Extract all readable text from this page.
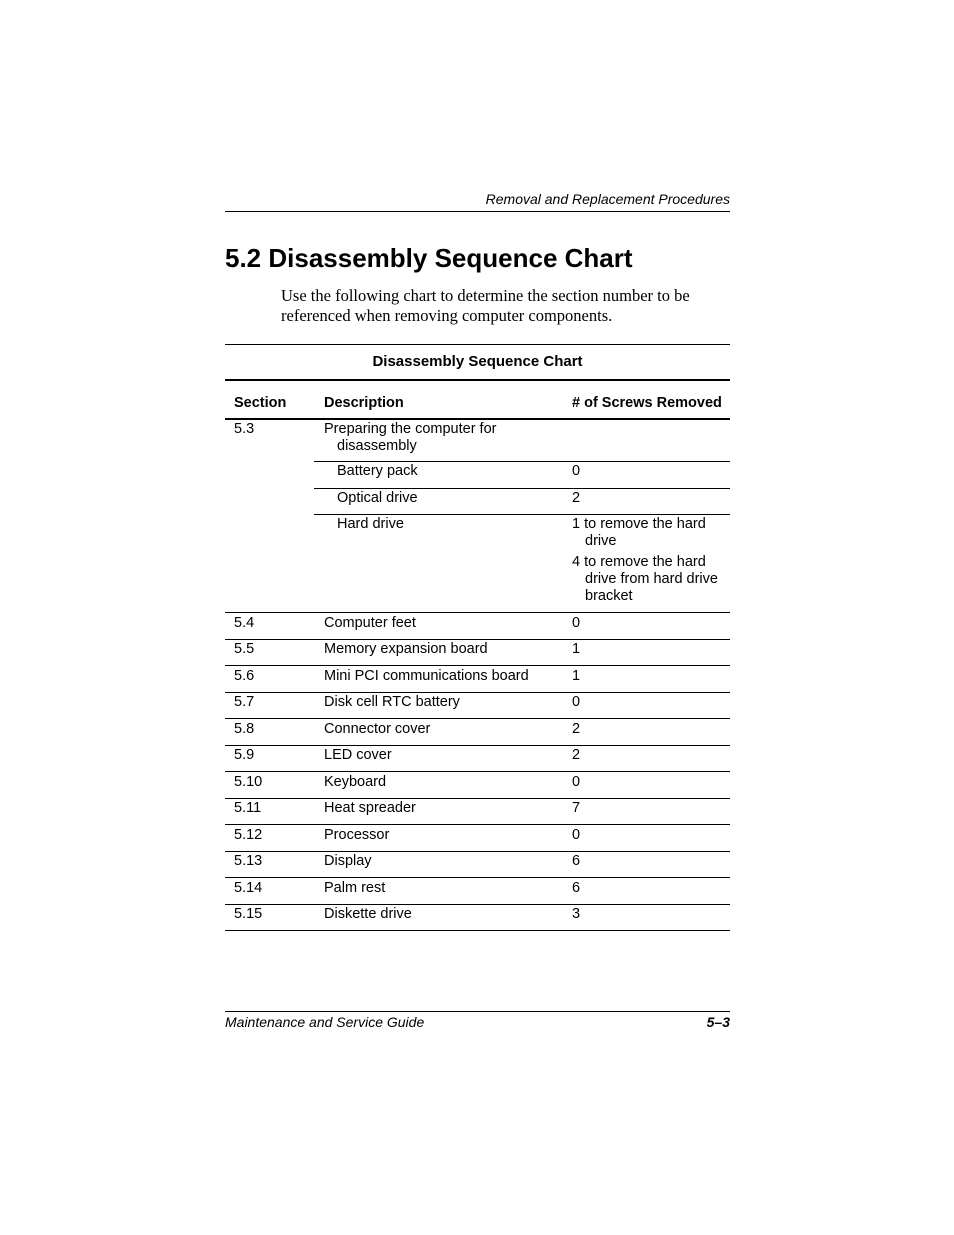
Removal and Replacement Procedures
5.2 Disassembly Sequence Chart
Use the following chart to determine the section number to be referenced when removing computer components.
Disassembly Sequence Chart
Section	Description	# of Screws Removed
5.3	Preparing the computer for disassembly
Battery pack	0
Optical drive	2
Hard drive	1 to remove the hard drive
4 to remove the hard drive from hard drive bracket
5.4	Computer feet	0
5.5	Memory expansion board	1
5.6	Mini PCI communications board	1
5.7	Disk cell RTC battery	0
5.8	Connector cover	2
5.9	LED cover	2
5.10	Keyboard	0
5.11	Heat spreader	7
5.12	Processor	0
5.13	Display	6
5.14	Palm rest	6
5.15	Diskette drive	3
Maintenance and Service Guide	5–3
